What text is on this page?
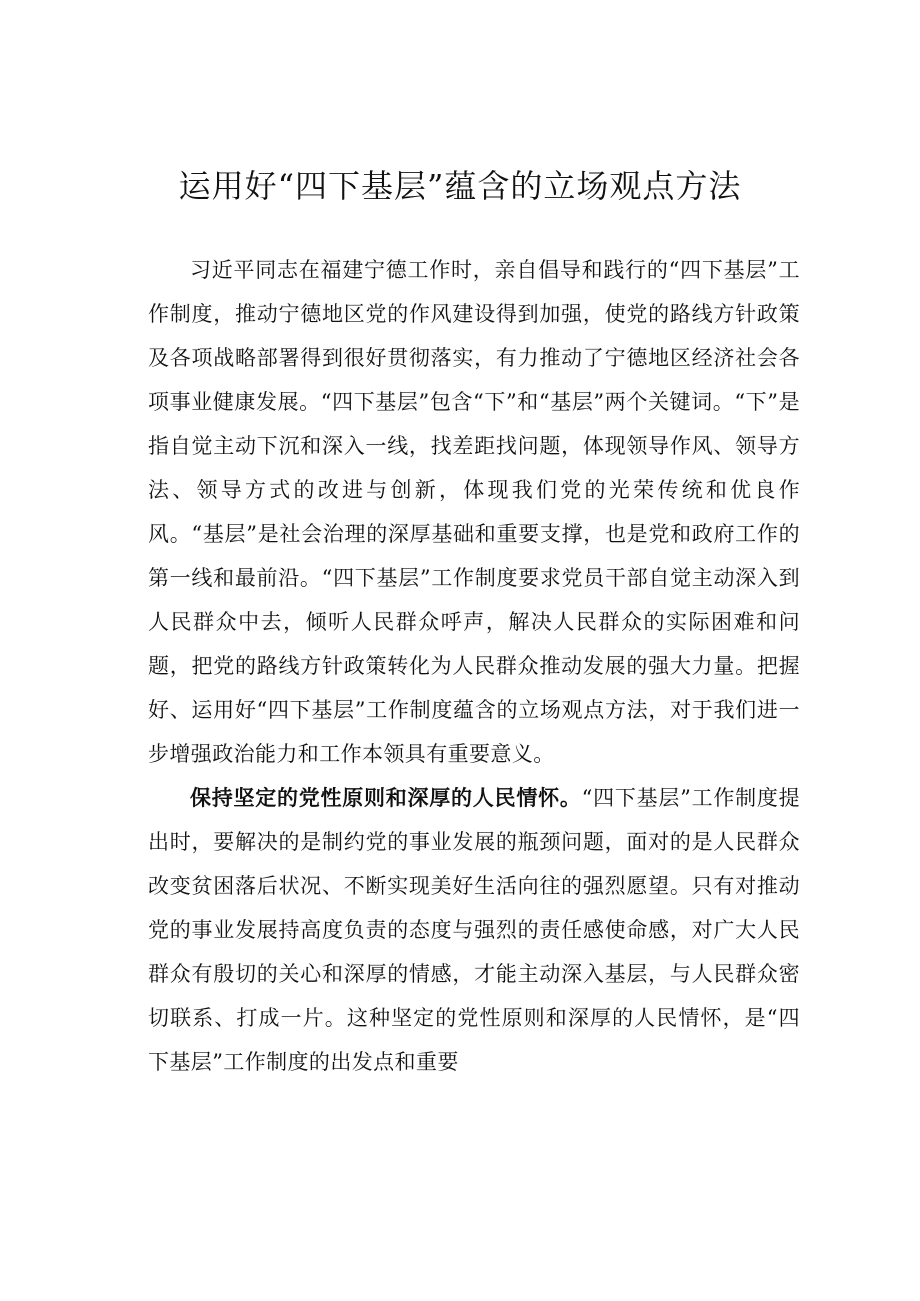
运用好“四下基层”蕴含的立场观点方法

习近平同志在福建宁德工作时，亲自倡导和践行的“四下基层”工作制度，推动宁德地区党的作风建设得到加强，使党的路线方针政策及各项战略部署得到很好贯彻落实，有力推动了宁德地区经济社会各项事业健康发展。“四下基层”包含“下”和“基层”两个关键词。“下”是指自觉主动下沉和深入一线，找差距找问题，体现领导作风、领导方法、领导方式的改进与创新，体现我们党的光荣传统和优良作风。“基层”是社会治理的深厚基础和重要支撑，也是党和政府工作的第一线和最前沿。“四下基层”工作制度要求党员干部自觉主动深入到人民群众中去，倾听人民群众呼声，解决人民群众的实际困难和问题，把党的路线方针政策转化为人民群众推动发展的强大力量。把握好、运用好“四下基层”工作制度蕴含的立场观点方法，对于我们进一步增强政治能力和工作本领具有重要意义。

保持坚定的党性原则和深厚的人民情怀。“四下基层”工作制度提出时，要解决的是制约党的事业发展的瓶颈问题，面对的是人民群众改变贫困落后状况、不断实现美好生活向往的强烈愿望。只有对推动党的事业发展持高度负责的态度与强烈的责任感使命感，对广大人民群众有殷切的关心和深厚的情感，才能主动深入基层，与人民群众密切联系、打成一片。这种坚定的党性原则和深厚的人民情怀，是“四下基层”工作制度的出发点和重要
